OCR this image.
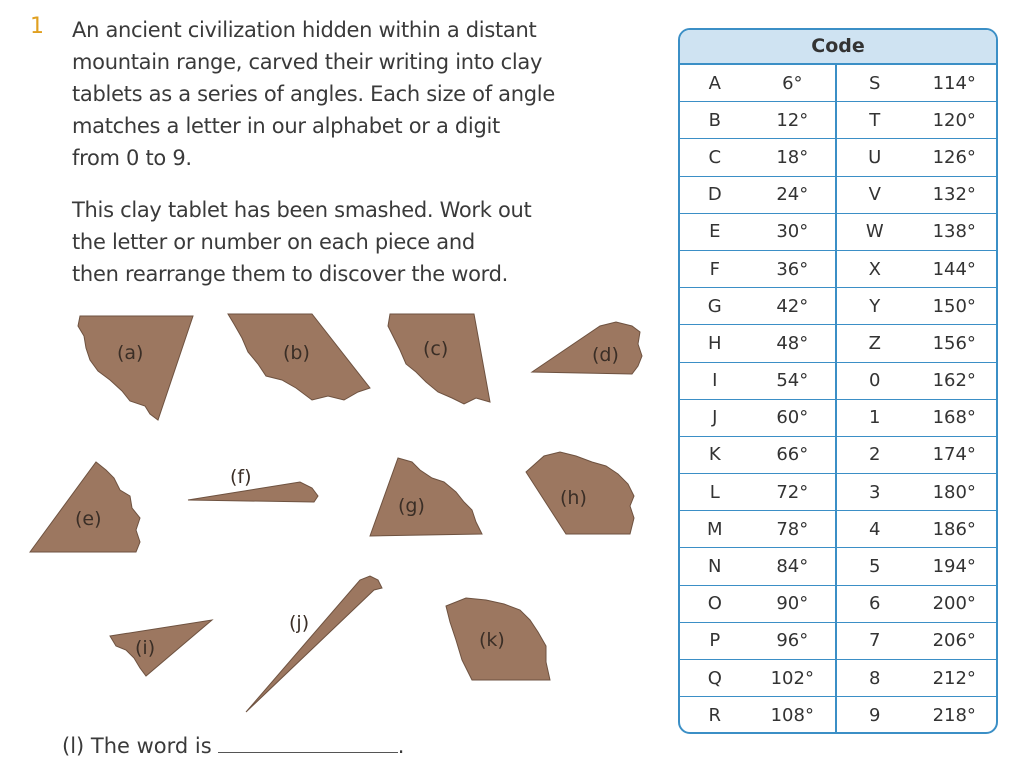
1 An ancient civilization hidden within a distant
mountain range, carved their writing into clay
tablets as a series of angles. Each size of angle
matches a letter in our alphabet or a digit
from 0 to 9.
This clay tablet has been smashed. Work out
the letter or number on each piece and
then rearrange them to discover the word.
(a)	(b)	(c)	(d)
(e)
(f)
(g)	(h)
(i)
(j)
(k)
(l) The word is	.
Code
A	6°	S	114°
B	12°	T	120°
C	18°	U	126°
D	24°	V	132°
E	30°	W	138°
F	36°	X	144°
G	42°	Y	150°
H	48°	Z	156°
I	54°	0	162°
J	60°	1	168°
K	66°	2	174°
L	72°	3	180°
M	78°	4	186°
N	84°	5	194°
O	90°	6	200°
P	96°	7	206°
Q	102°	8	212°
R	108°	9	218°
